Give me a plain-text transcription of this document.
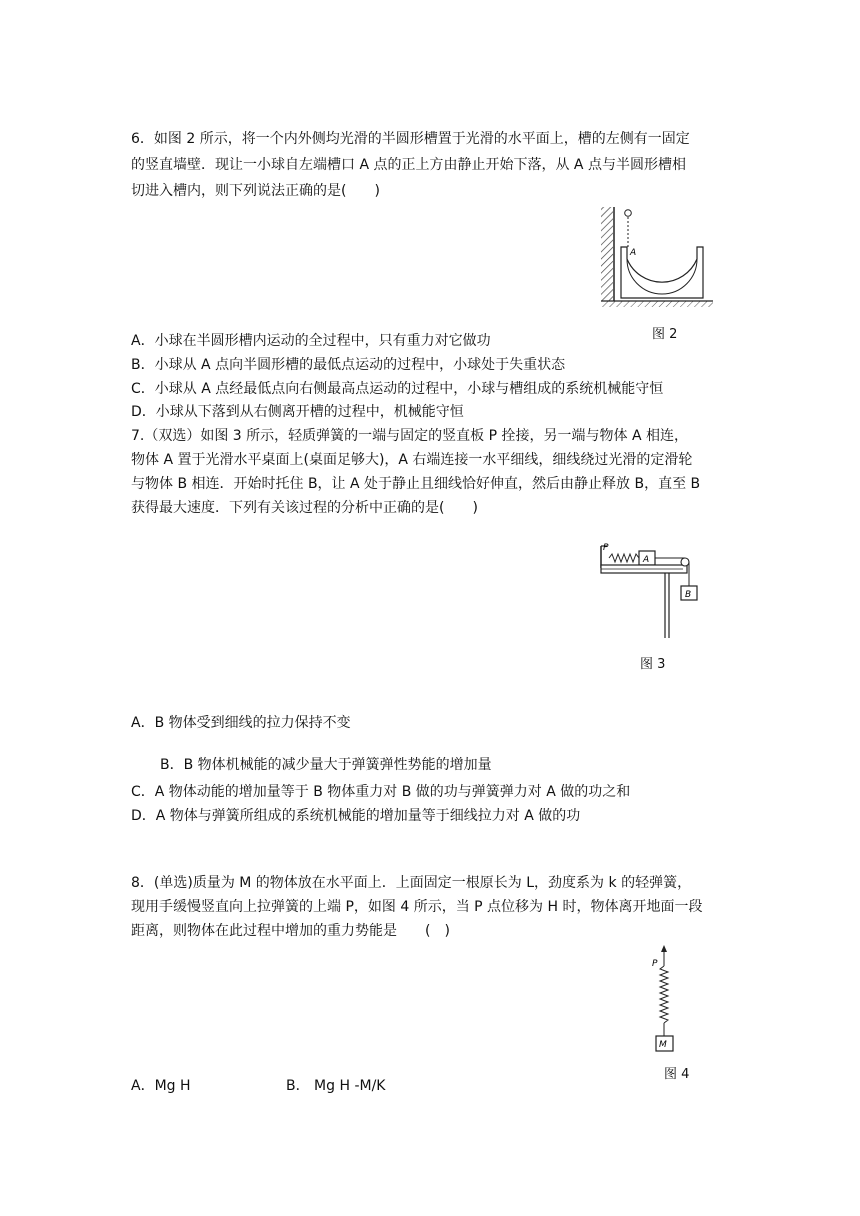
6．如图 2 所示，将一个内外侧均光滑的半圆形槽置于光滑的水平面上，槽的左侧有一固定
的竖直墙壁．现让一小球自左端槽口 A 点的正上方由静止开始下落，从 A 点与半圆形槽相
切进入槽内，则下列说法正确的是(　　)
A
图 2
A．小球在半圆形槽内运动的全过程中，只有重力对它做功
B．小球从 A 点向半圆形槽的最低点运动的过程中，小球处于失重状态
C．小球从 A 点经最低点向右侧最高点运动的过程中，小球与槽组成的系统机械能守恒
D．小球从下落到从右侧离开槽的过程中，机械能守恒
7.（双选）如图 3 所示，轻质弹簧的一端与固定的竖直板 P 拴接，另一端与物体 A 相连，
物体 A 置于光滑水平桌面上(桌面足够大)，A 右端连接一水平细线，细线绕过光滑的定滑轮
与物体 B 相连．开始时托住 B，让 A 处于静止且细线恰好伸直，然后由静止释放 B，直至 B
获得最大速度．下列有关该过程的分析中正确的是(　　)
P
A
B
图 3
A．B 物体受到细线的拉力保持不变
B．B 物体机械能的减少量大于弹簧弹性势能的增加量
C．A 物体动能的增加量等于 B 物体重力对 B 做的功与弹簧弹力对 A 做的功之和
D．A 物体与弹簧所组成的系统机械能的增加量等于细线拉力对 A 做的功
8．(单选)质量为 M 的物体放在水平面上．上面固定一根原长为 L，劲度系为 k 的轻弹簧，
现用手缓慢竖直向上拉弹簧的上端 P，如图 4 所示，当 P 点位移为 H 时，物体离开地面一段
距离，则物体在此过程中增加的重力势能是　　(　)
P
M
图 4
A．Mg H	B． Mg H -M/K
